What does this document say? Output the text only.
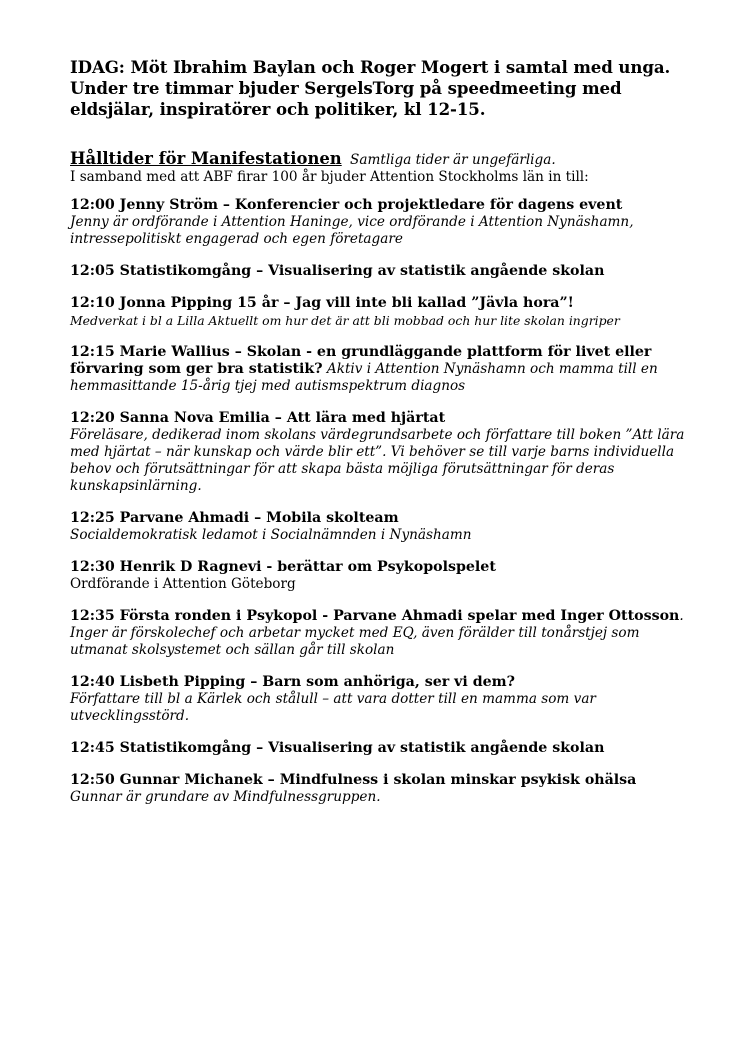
IDAG: Möt Ibrahim Baylan och Roger Mogert i samtal med unga. Under tre timmar bjuder SergelsTorg på speedmeeting med eldsjälar, inspiratörer och politiker, kl 12-15.

Hålltider för Manifestationen Samtliga tider är ungefärliga.

I samband med att ABF firar 100 år bjuder Attention Stockholms län in till:

12:00 Jenny Ström – Konferencier och projektledare för dagens event
Jenny är ordförande i Attention Haninge, vice ordförande i Attention Nynäshamn, intressepolitiskt engagerad och egen företagare
12:05 Statistikomgång – Visualisering av statistik angående skolan
12:10 Jonna Pipping 15 år – Jag vill inte bli kallad ”Jävla hora”!
Medverkat i bl a Lilla Aktuellt om hur det är att bli mobbad och hur lite skolan ingriper
12:15 Marie Wallius – Skolan - en grundläggande plattform för livet eller förvaring som ger bra statistik? Aktiv i Attention Nynäshamn och mamma till en hemmasittande 15-årig tjej med autismspektrum diagnos
12:20 Sanna Nova Emilia – Att lära med hjärtat
Föreläsare, dedikerad inom skolans värdegrundsarbete och författare till boken ”Att lära med hjärtat – när kunskap och värde blir ett”. Vi behöver se till varje barns individuella behov och förutsättningar för att skapa bästa möjliga förutsättningar för deras kunskapsinlärning.
12:25 Parvane Ahmadi – Mobila skolteam
Socialdemokratisk ledamot i Socialnämnden i Nynäshamn
12:30 Henrik D Ragnevi - berättar om Psykopolspelet
Ordförande i Attention Göteborg
12:35 Första ronden i Psykopol - Parvane Ahmadi spelar med Inger Ottosson. Inger är förskolechef och arbetar mycket med EQ, även förälder till tonårstjej som utmanat skolsystemet och sällan går till skolan
12:40 Lisbeth Pipping – Barn som anhöriga, ser vi dem?
Författare till bl a Kärlek och stålull – att vara dotter till en mamma som var utvecklingsstörd.
12:45 Statistikomgång – Visualisering av statistik angående skolan
12:50 Gunnar Michanek – Mindfulness i skolan minskar psykisk ohälsa
Gunnar är grundare av Mindfulnessgruppen.
